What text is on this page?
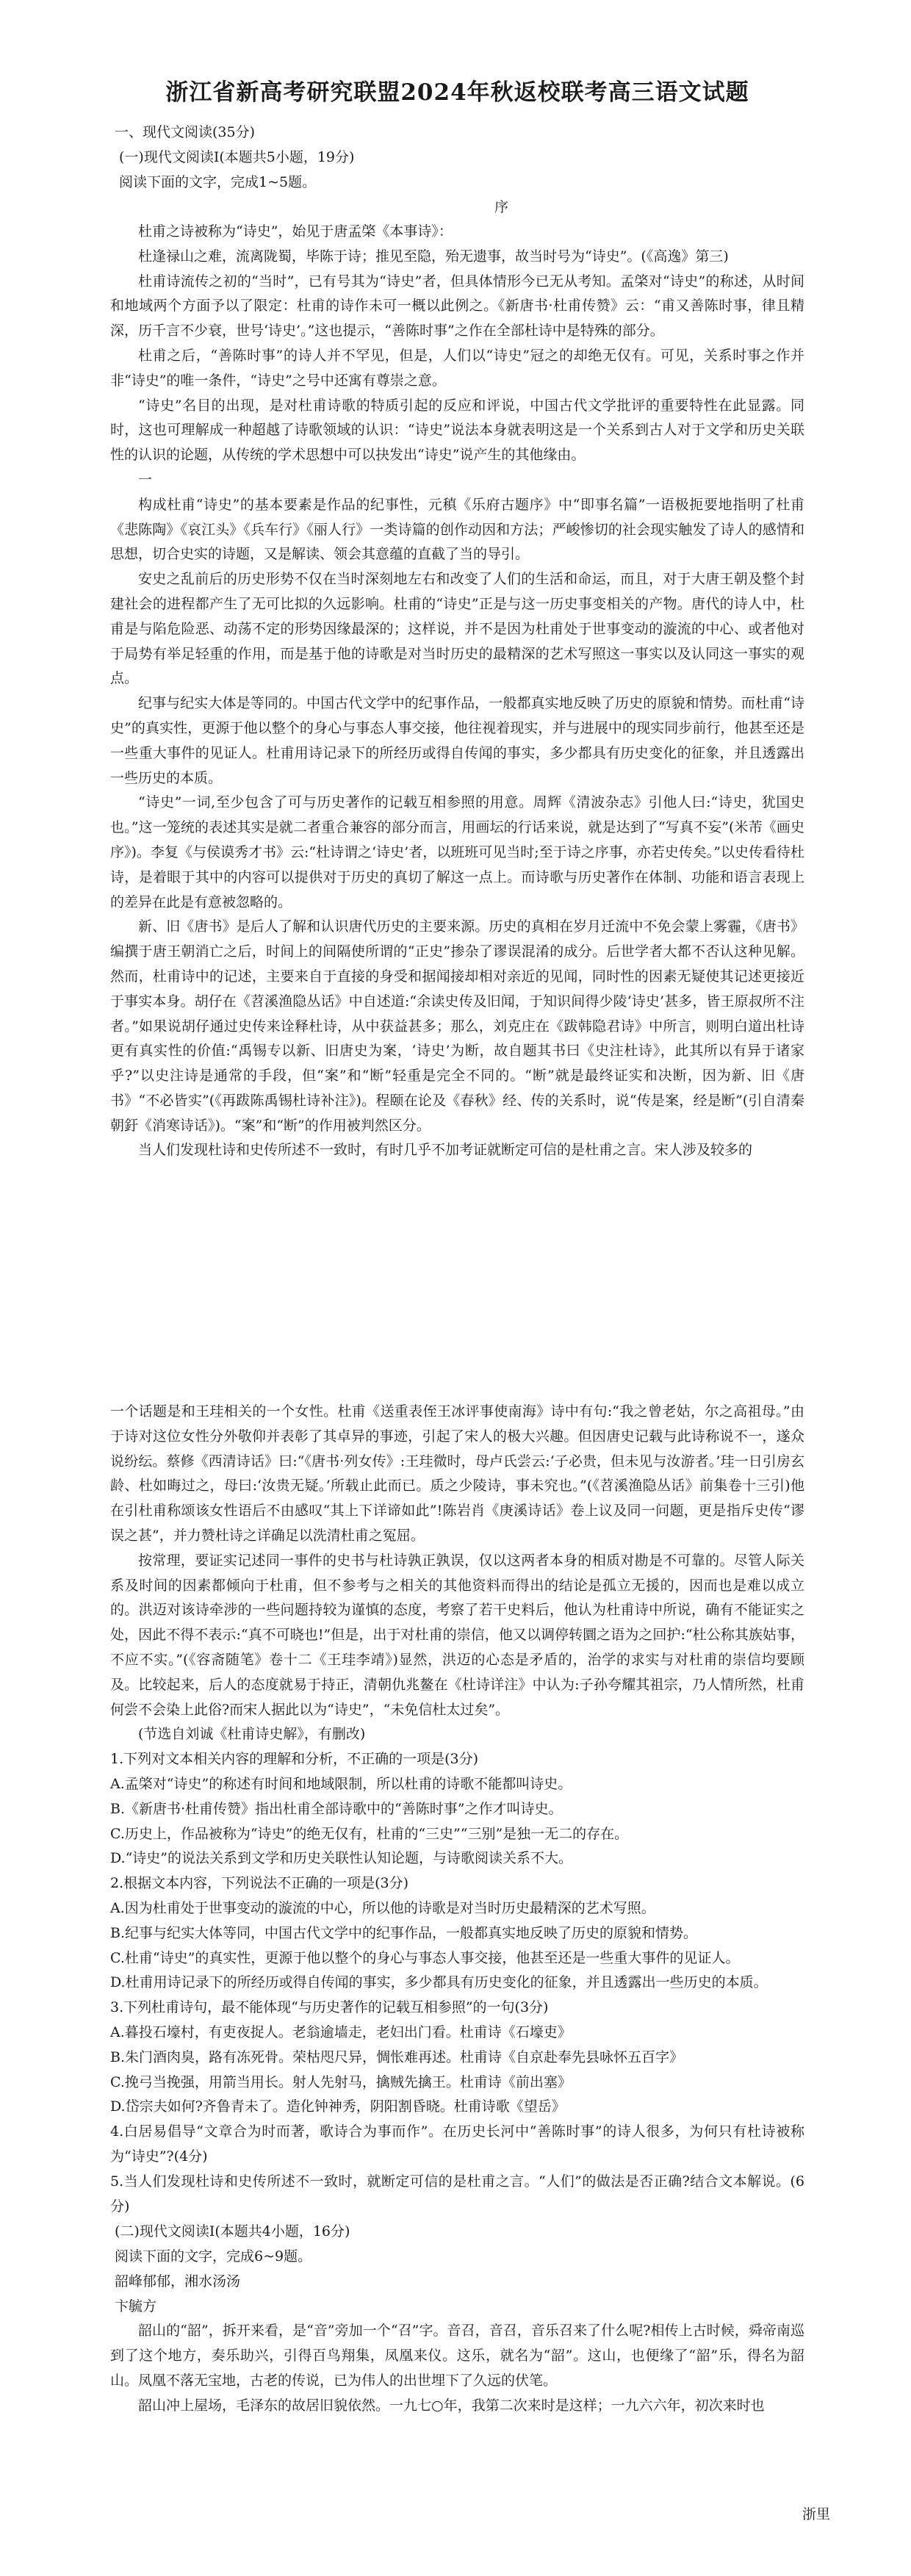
浙江省新高考研究联盟2024年秋返校联考高三语文试题

一、现代文阅读(35分)

(一)现代文阅读I(本题共5小题，19分)

阅读下面的文字，完成1~5题。

序

杜甫之诗被称为“诗史”，始见于唐孟棨《本事诗》：

杜逢禄山之难，流离陇蜀，毕陈于诗；推见至隐，殆无遗事，故当时号为“诗史”。(《高逸》第三)

杜甫诗流传之初的“当时”，已有号其为“诗史”者，但具体情形今已无从考知。孟棨对“诗史”的称述，从时间和地域两个方面予以了限定：杜甫的诗作未可一概以此例之。《新唐书·杜甫传赞》云：“甫又善陈时事，律且精深，历千言不少衰，世号‘诗史’。”这也提示，“善陈时事”之作在全部杜诗中是特殊的部分。

杜甫之后，“善陈时事”的诗人并不罕见，但是，人们以“诗史”冠之的却绝无仅有。可见，关系时事之作并非“诗史”的唯一条件，“诗史”之号中还寓有尊崇之意。

“诗史”名目的出现，是对杜甫诗歌的特质引起的反应和评说，中国古代文学批评的重要特性在此显露。同时，这也可理解成一种超越了诗歌领域的认识：“诗史”说法本身就表明这是一个关系到古人对于文学和历史关联性的认识的论题，从传统的学术思想中可以抉发出“诗史”说产生的其他缘由。

一

构成杜甫“诗史”的基本要素是作品的纪事性，元稹《乐府古题序》中“即事名篇”一语极扼要地指明了杜甫《悲陈陶》《哀江头》《兵车行》《丽人行》一类诗篇的创作动因和方法；严峻惨切的社会现实触发了诗人的感情和思想，切合史实的诗题，又是解读、领会其意蕴的直截了当的导引。

安史之乱前后的历史形势不仅在当时深刻地左右和改变了人们的生活和命运，而且，对于大唐王朝及整个封建社会的进程都产生了无可比拟的久远影响。杜甫的“诗史”正是与这一历史事变相关的产物。唐代的诗人中，杜甫是与陷危险恶、动荡不定的形势因缘最深的；这样说，并不是因为杜甫处于世事变动的漩流的中心、或者他对于局势有举足轻重的作用，而是基于他的诗歌是对当时历史的最精深的艺术写照这一事实以及认同这一事实的观点。

纪事与纪实大体是等同的。中国古代文学中的纪事作品，一般都真实地反映了历史的原貌和情势。而杜甫“诗史”的真实性，更源于他以整个的身心与事态人事交接，他往视着现实，并与进展中的现实同步前行，他甚至还是一些重大事件的见证人。杜甫用诗记录下的所经历或得自传闻的事实，多少都具有历史变化的征象，并且透露出一些历史的本质。

“诗史”一词,至少包含了可与历史著作的记载互相参照的用意。周辉《清波杂志》引他人曰:“诗史，犹国史也。”这一笼统的表述其实是就二者重合兼容的部分而言，用画坛的行话来说，就是达到了“写真不妄”(米芾《画史序》)。李复《与侯谟秀才书》云:“杜诗谓之‘诗史’者，以班班可见当时;至于诗之序事，亦若史传矣。”以史传看待杜诗，是着眼于其中的内容可以提供对于历史的真切了解这一点上。而诗歌与历史著作在体制、功能和语言表现上的差异在此是有意被忽略的。

新、旧《唐书》是后人了解和认识唐代历史的主要来源。历史的真相在岁月迁流中不免会蒙上雾霾，《唐书》编撰于唐王朝消亡之后，时间上的间隔使所谓的“正史”掺杂了谬误混淆的成分。后世学者大都不否认这种见解。然而，杜甫诗中的记述，主要来自于直接的身受和据闻接却相对亲近的见闻，同时性的因素无疑使其记述更接近于事实本身。胡仔在《苕溪渔隐丛话》中自述道:“余读史传及旧闻，于知识间得少陵‘诗史’甚多，皆王原叔所不注者。”如果说胡仔通过史传来诠释杜诗，从中获益甚多；那么，刘克庄在《跋韩隐君诗》中所言，则明白道出杜诗更有真实性的价值:“禹锡专以新、旧唐史为案，‘诗史’为断，故自题其书曰《史注杜诗》，此其所以有异于诸家乎?”以史注诗是通常的手段，但“案”和“断”轻重是完全不同的。“断”就是最终证实和决断，因为新、旧《唐书》“不必皆实”(《再跋陈禹锡杜诗补注》)。程颐在论及《春秋》经、传的关系时，说“传是案，经是断”(引自清秦朝釪《消寒诗话》)。“案”和“断”的作用被判然区分。

当人们发现杜诗和史传所述不一致时，有时几乎不加考证就断定可信的是杜甫之言。宋人涉及较多的

一个话题是和王珪相关的一个女性。杜甫《送重表侄王冰评事使南海》诗中有句:“我之曾老姑，尔之高祖母。”由于诗对这位女性分外敬仰并表彰了其卓异的事迹，引起了宋人的极大兴趣。但因唐史记载与此诗称说不一，遂众说纷纭。蔡修《西清诗话》曰:“《唐书·列女传》:王珪微时，母卢氏尝云:‘子必贵，但未见与汝游者。’珪一日引房玄龄、杜如晦过之，母曰:‘汝贵无疑。’所载止此而已。质之少陵诗，事未究也。”(《苕溪渔隐丛话》前集卷十三引)他在引杜甫称颂该女性语后不由感叹“其上下详谛如此”!陈岩肖《庚溪诗话》卷上议及同一问题，更是指斥史传“谬误之甚”，并力赞杜诗之详确足以洗清杜甫之冤屈。

按常理，要证实记述同一事件的史书与杜诗孰正孰误，仅以这两者本身的相质对勘是不可靠的。尽管人际关系及时间的因素都倾向于杜甫，但不参考与之相关的其他资料而得出的结论是孤立无援的，因而也是难以成立的。洪迈对该诗牵涉的一些问题持较为谨慎的态度，考察了若干史料后，他认为杜甫诗中所说，确有不能证实之处，因此不得不表示:“真不可晓也!”但是，出于对杜甫的崇信，他又以调停转圜之语为之回护:“杜公称其族姑事，不应不实。”(《容斋随笔》卷十二《王珪李靖》)显然，洪迈的心态是矛盾的，治学的求实与对杜甫的崇信均要顾及。比较起来，后人的态度就易于持正，清朝仇兆鳌在《杜诗详注》中认为:子孙夸耀其祖宗，乃人情所然，杜甫何尝不会染上此俗?而宋人据此以为“诗史”，“未免信杜太过矣”。

(节选自刘诚《杜甫诗史解》，有删改)

1.下列对文本相关内容的理解和分析，不正确的一项是(3分)

A.孟棨对“诗史”的称述有时间和地域限制，所以杜甫的诗歌不能都叫诗史。

B.《新唐书·杜甫传赞》指出杜甫全部诗歌中的“善陈时事”之作才叫诗史。

C.历史上，作品被称为“诗史”的绝无仅有，杜甫的“三史”“三别”是独一无二的存在。

D.“诗史”的说法关系到文学和历史关联性认知论题，与诗歌阅读关系不大。

2.根据文本内容，下列说法不正确的一项是(3分)

A.因为杜甫处于世事变动的漩流的中心，所以他的诗歌是对当时历史最精深的艺术写照。

B.纪事与纪实大体等同，中国古代文学中的纪事作品，一般都真实地反映了历史的原貌和情势。

C.杜甫“诗史”的真实性，更源于他以整个的身心与事态人事交接，他甚至还是一些重大事件的见证人。

D.杜甫用诗记录下的所经历或得自传闻的事实，多少都具有历史变化的征象，并且透露出一些历史的本质。

3.下列杜甫诗句，最不能体现“与历史著作的记载互相参照”的一句(3分)

A.暮投石壕村，有吏夜捉人。老翁逾墙走，老妇出门看。杜甫诗《石壕吏》

B.朱门酒肉臭，路有冻死骨。荣枯咫尺异，惆怅难再述。杜甫诗《自京赴奉先县咏怀五百字》

C.挽弓当挽强，用箭当用长。射人先射马，擒贼先擒王。杜甫诗《前出塞》

D.岱宗夫如何?齐鲁青未了。造化钟神秀，阴阳割昏晓。杜甫诗歌《望岳》

4.白居易倡导“文章合为时而著，歌诗合为事而作”。在历史长河中“善陈时事”的诗人很多，为何只有杜诗被称为“诗史”?(4分)

5.当人们发现杜诗和史传所述不一致时，就断定可信的是杜甫之言。“人们”的做法是否正确?结合文本解说。(6分)

(二)现代文阅读I(本题共4小题，16分)

阅读下面的文字，完成6~9题。

韶峰郁郁，湘水汤汤

卞毓方

韶山的“韶”，拆开来看，是“音”旁加一个“召”字。音召，音召，音乐召来了什么呢?相传上古时候，舜帝南巡到了这个地方，奏乐助兴，引得百鸟翔集，凤凰来仪。这乐，就名为“韶”。这山，也便缘了“韶”乐，得名为韶山。凤凰不落无宝地，古老的传说，已为伟人的出世埋下了久远的伏笔。

韶山冲上屋场，毛泽东的故居旧貌依然。一九七○年，我第二次来时是这样；一九六六年，初次来时也

浙里
